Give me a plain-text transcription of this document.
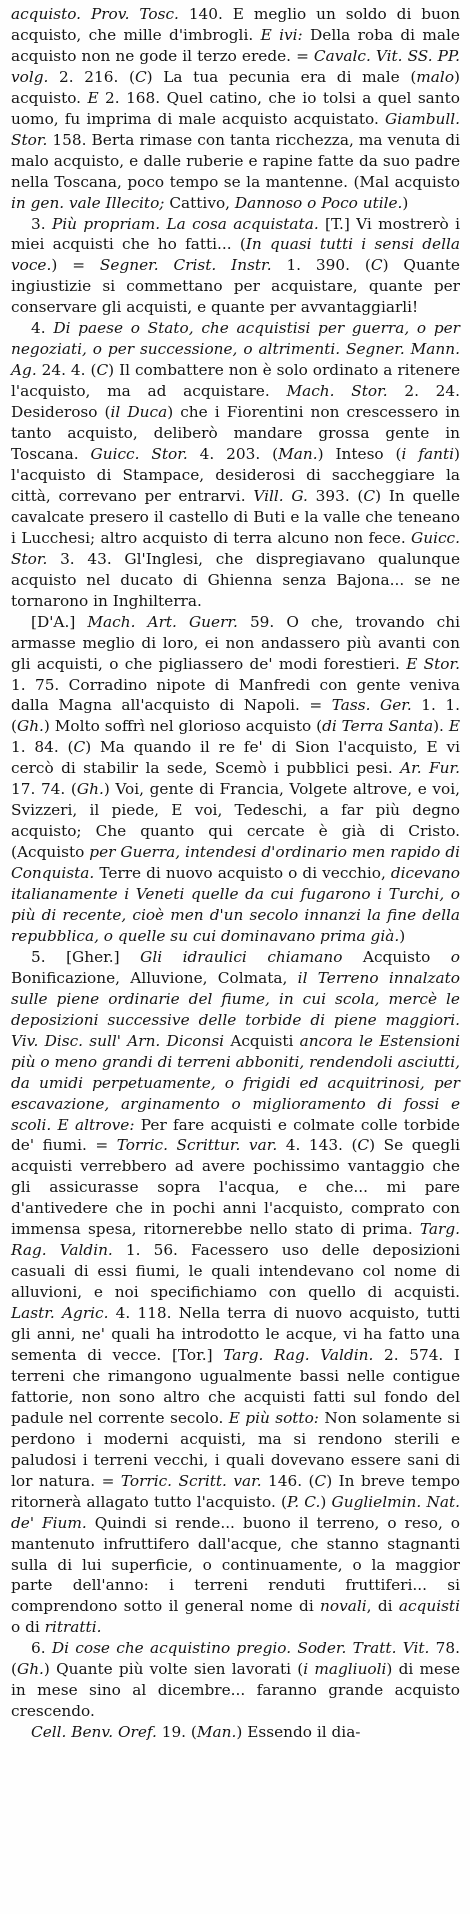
acquisto. Prov. Tosc. 140. E meglio un soldo di buon acquisto, che mille d'imbrogli. E ivi: Della roba di male acquisto non ne gode il terzo erede. = Cavalc. Vit. SS. PP. volg. 2. 216. (C) La tua pecunia era di male (malo) acquisto. E 2. 168. Quel catino, che io tolsi a quel santo uomo, fu imprima di male acquisto acquistato. Giambull. Stor. 158. Berta rimase con tanta ricchezza, ma venuta di malo acquisto, e dalle ruberie e rapine fatte da suo padre nella Toscana, poco tempo se la mantenne. (Mal acquisto in gen. vale Illecito; Cattivo, Dannoso o Poco utile.)

3. Più propriam. La cosa acquistata. [T.] Vi mostrerò i miei acquisti che ho fatti... (In quasi tutti i sensi della voce.) = Segner. Crist. Instr. 1. 390. (C) Quante ingiustizie si commettano per acquistare, quante per conservare gli acquisti, e quante per avvantaggiarli!

4. Di paese o Stato, che acquistisi per guerra, o per negoziati, o per successione, o altrimenti. Segner. Mann. Ag. 24. 4. (C) Il combattere non è solo ordinato a ritenere l'acquisto, ma ad acquistare. Mach. Stor. 2. 24. Desideroso (il Duca) che i Fiorentini non crescessero in tanto acquisto, deliberò mandare grossa gente in Toscana. Guicc. Stor. 4. 203. (Man.) Inteso (i fanti) l'acquisto di Stampace, desiderosi di saccheggiare la città, correvano per entrarvi. Vill. G. 393. (C) In quelle cavalcate presero il castello di Buti e la valle che teneano i Lucchesi; altro acquisto di terra alcuno non fece. Guicc. Stor. 3. 43. Gl'Inglesi, che dispregiavano qualunque acquisto nel ducato di Ghienna senza Bajona... se ne tornarono in Inghilterra.

[D'A.] Mach. Art. Guerr. 59. O che, trovando chi armasse meglio di loro, ei non andassero più avanti con gli acquisti, o che pigliassero de' modi forestieri. E Stor. 1. 75. Corradino nipote di Manfredi con gente veniva dalla Magna all'acquisto di Napoli. = Tass. Ger. 1. 1. (Gh.) Molto soffrì nel glorioso acquisto (di Terra Santa). E 1. 84. (C) Ma quando il re fe' di Sion l'acquisto, E vi cercò di stabilir la sede, Scemò i pubblici pesi. Ar. Fur. 17. 74. (Gh.) Voi, gente di Francia, Volgete altrove, e voi, Svizzeri, il piede, E voi, Tedeschi, a far più degno acquisto; Che quanto qui cercate è già di Cristo. (Acquisto per Guerra, intendesi d'ordinario men rapido di Conquista. Terre di nuovo acquisto o di vecchio, dicevano italianamente i Veneti quelle da cui fugarono i Turchi, o più di recente, cioè men d'un secolo innanzi la fine della repubblica, o quelle su cui dominavano prima già.)

5. [Gher.] Gli idraulici chiamano Acquisto o Bonificazione, Alluvione, Colmata, il Terreno innalzato sulle piene ordinarie del fiume, in cui scola, mercè le deposizioni successive delle torbide di piene maggiori. Viv. Disc. sull' Arn. Diconsi Acquisti ancora le Estensioni più o meno grandi di terreni abboniti, rendendoli asciutti, da umidi perpetuamente, o frigidi ed acquitrinosi, per escavazione, arginamento o miglioramento di fossi e scoli. E altrove: Per fare acquisti e colmate colle torbide de' fiumi. = Torric. Scrittur. var. 4. 143. (C) Se quegli acquisti verrebbero ad avere pochissimo vantaggio che gli assicurasse sopra l'acqua, e che... mi pare d'antivedere che in pochi anni l'acquisto, comprato con immensa spesa, ritornerebbe nello stato di prima. Targ. Rag. Valdin. 1. 56. Facessero uso delle deposizioni casuali di essi fiumi, le quali intendevano col nome di alluvioni, e noi specifichiamo con quello di acquisti. Lastr. Agric. 4. 118. Nella terra di nuovo acquisto, tutti gli anni, ne' quali ha introdotto le acque, vi ha fatto una sementa di vecce. [Tor.] Targ. Rag. Valdin. 2. 574. I terreni che rimangono ugualmente bassi nelle contigue fattorie, non sono altro che acquisti fatti sul fondo del padule nel corrente secolo. E più sotto: Non solamente si perdono i moderni acquisti, ma si rendono sterili e paludosi i terreni vecchi, i quali dovevano essere sani di lor natura. = Torric. Scritt. var. 146. (C) In breve tempo ritornerà allagato tutto l'acquisto. (P. C.) Guglielmin. Nat. de' Fium. Quindi si rende... buono il terreno, o reso, o mantenuto infruttifero dall'acque, che stanno stagnanti sulla di lui superficie, o continuamente, o la maggior parte dell'anno: i terreni renduti fruttiferi... si comprendono sotto il general nome di novali, di acquisti o di ritratti.

6. Di cose che acquistino pregio. Soder. Tratt. Vit. 78. (Gh.) Quante più volte sien lavorati (i magliuoli) di mese in mese sino al dicembre... faranno grande acquisto crescendo.

Cell. Benv. Oref. 19. (Man.) Essendo il dia-
